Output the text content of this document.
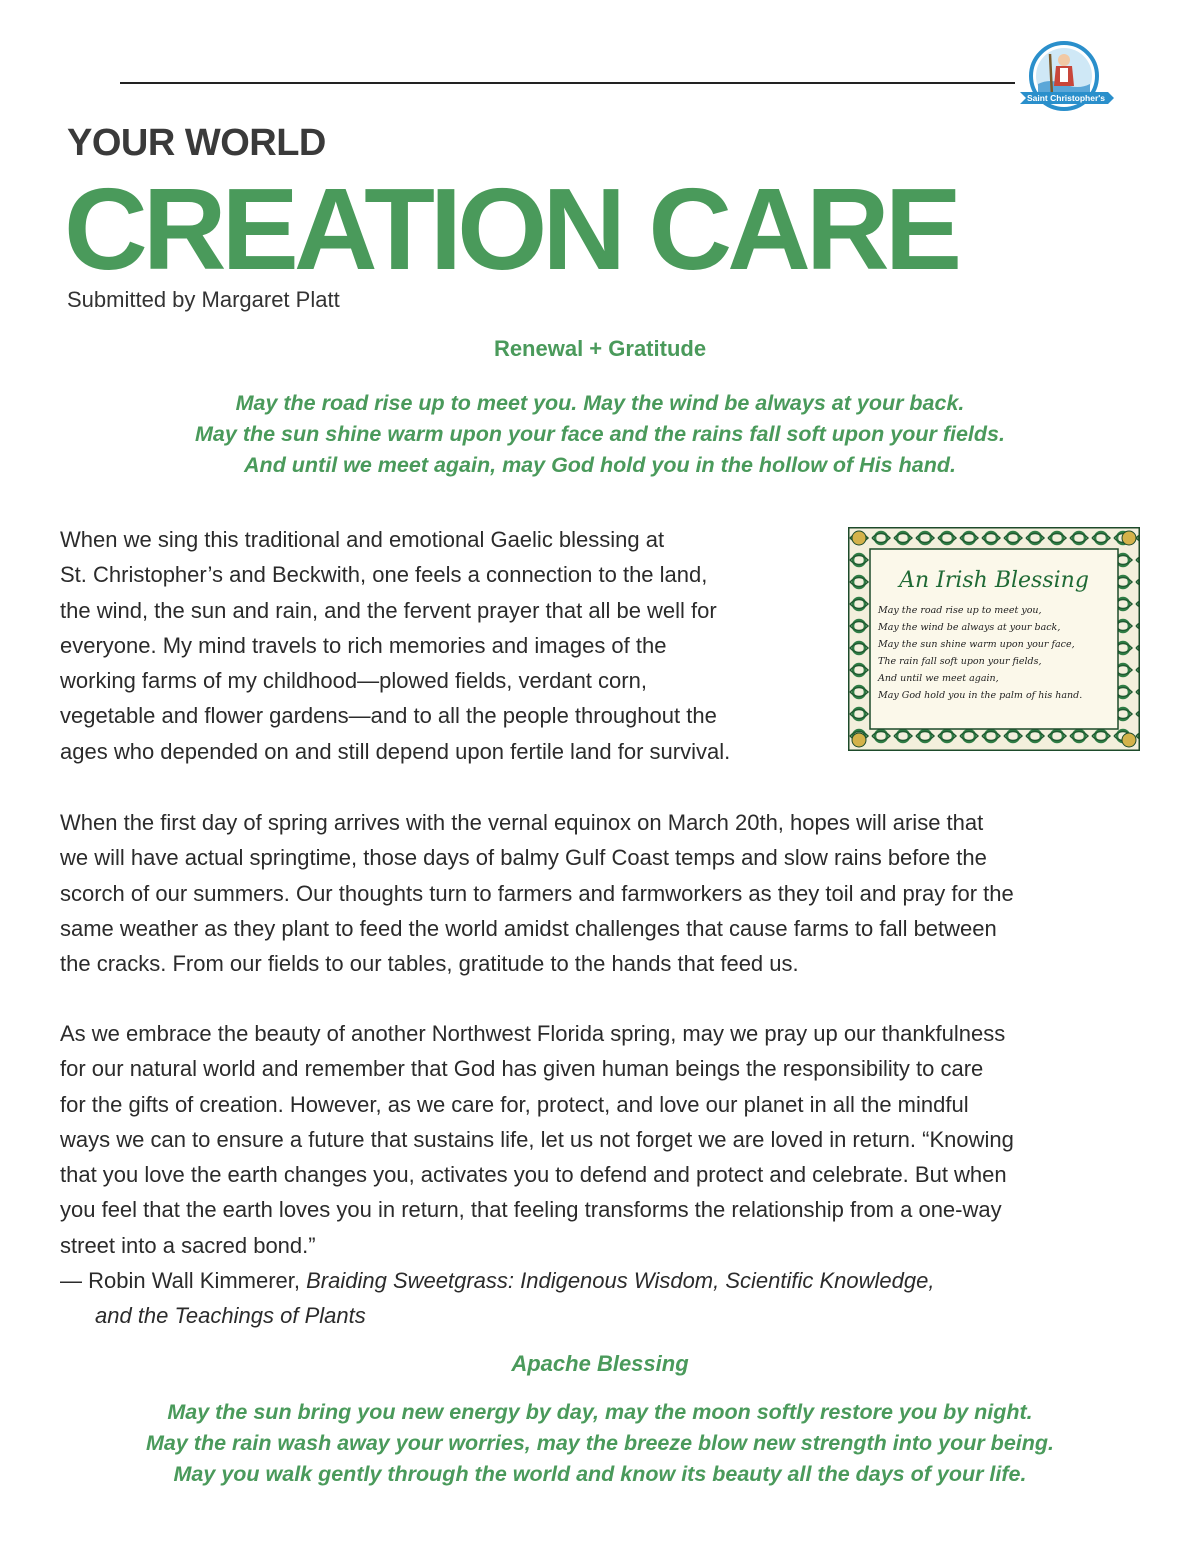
Saint Christopher's
YOUR WORLD
CREATION CARE
Submitted by Margaret Platt
Renewal + Gratitude
May the road rise up to meet you. May the wind be always at your back.
May the sun shine warm upon your face and the rains fall soft upon your fields.
And until we meet again, may God hold you in the hollow of His hand.
When we sing this traditional and emotional Gaelic blessing at
St. Christopher’s and Beckwith, one feels a connection to the land,
the wind, the sun and rain, and the fervent prayer that all be well for
everyone. My mind travels to rich memories and images of the
working farms of my childhood—plowed fields, verdant corn,
vegetable and flower gardens—and to all the people throughout the
ages who depended on and still depend upon fertile land for survival.
An Irish Blessing
May the road rise up to meet you,
May the wind be always at your back,
May the sun shine warm upon your face,
The rain fall soft upon your fields,
And until we meet again,
May God hold you in the palm of his hand.
When the first day of spring arrives with the vernal equinox on March 20th, hopes will arise that
we will have actual springtime, those days of balmy Gulf Coast temps and slow rains before the
scorch of our summers. Our thoughts turn to farmers and farmworkers as they toil and pray for the
same weather as they plant to feed the world amidst challenges that cause farms to fall between
the cracks. From our fields to our tables, gratitude to the hands that feed us.
As we embrace the beauty of another Northwest Florida spring, may we pray up our thankfulness
for our natural world and remember that God has given human beings the responsibility to care
for the gifts of creation. However, as we care for, protect, and love our planet in all the mindful
ways we can to ensure a future that sustains life, let us not forget we are loved in return. “Knowing
that you love the earth changes you, activates you to defend and protect and celebrate. But when
you feel that the earth loves you in return, that feeling transforms the relationship from a one-way
street into a sacred bond.”
— Robin Wall Kimmerer, Braiding Sweetgrass: Indigenous Wisdom, Scientific Knowledge,
and the Teachings of Plants
Apache Blessing
May the sun bring you new energy by day, may the moon softly restore you by night.
May the rain wash away your worries, may the breeze blow new strength into your being.
May you walk gently through the world and know its beauty all the days of your life.
